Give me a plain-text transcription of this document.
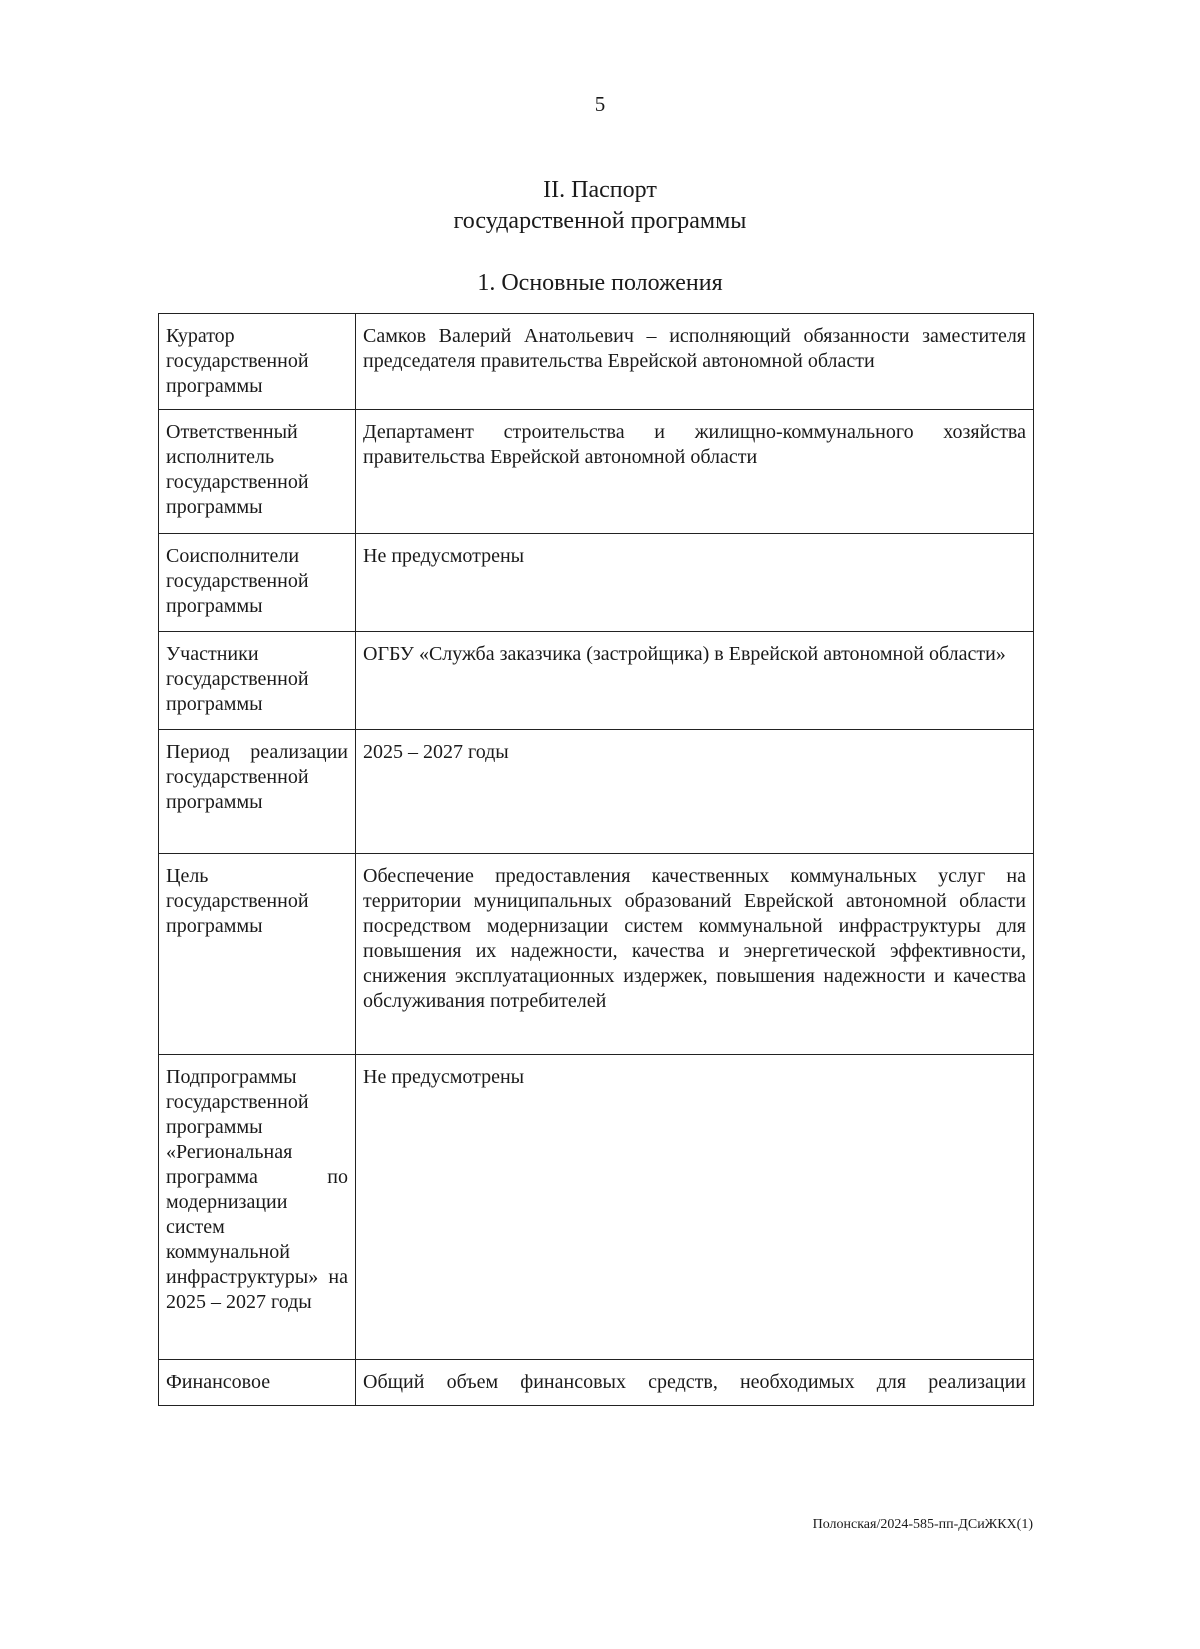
5
II. Паспорт
государственной программы
1. Основные положения
Куратор государственной программы	Самков Валерий Анатольевич – исполняющий обязанности заместителя председателя правительства Еврейской автономной области
Ответственный исполнитель государственной программы	Департамент строительства и жилищно-коммунального хозяйства правительства Еврейской автономной области
Соисполнители государственной программы	Не предусмотрены
Участники государственной программы	ОГБУ «Служба заказчика (застройщика) в Еврейской автономной области»
Период реализации государственной программы	2025 – 2027 годы
Цель государственной программы	Обеспечение предоставления качественных коммунальных услуг на территории муниципальных образований Еврейской автономной области посредством модернизации систем коммунальной инфраструктуры для повышения их надежности, качества и энергетической эффективности, снижения эксплуатационных издержек, повышения надежности и качества обслуживания потребителей
Подпрограммы государственной программы «Региональная программа по модернизации систем коммунальной инфраструктуры» на 2025 – 2027 годы	Не предусмотрены
Финансовое	Общий объем финансовых средств, необходимых для реализации
Полонская/2024-585-пп-ДСиЖКХ(1)
